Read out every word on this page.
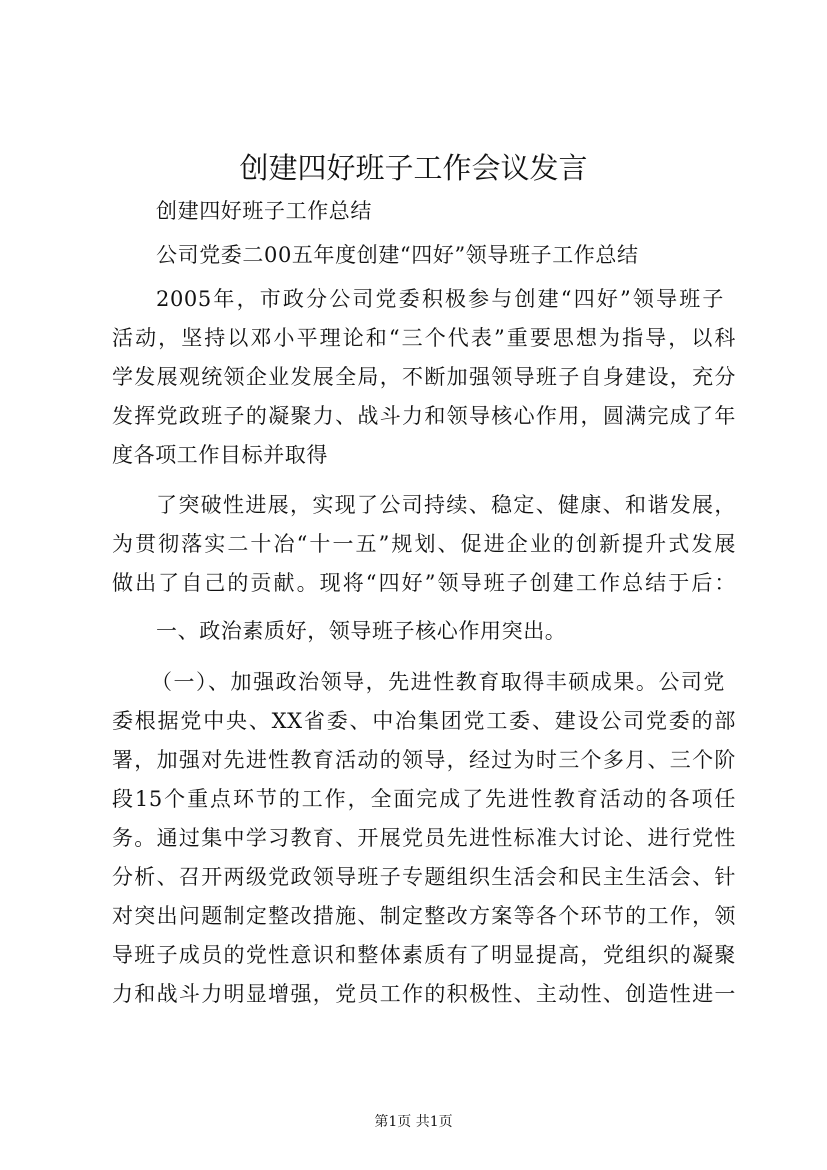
创建四好班子工作会议发言

创建四好班子工作总结

公司党委二00五年度创建“四好”领导班子工作总结

2005年，市政分公司党委积极参与创建“四好”领导班子

活动，坚持以邓小平理论和“三个代表”重要思想为指导，以科

学发展观统领企业发展全局，不断加强领导班子自身建设，充分

发挥党政班子的凝聚力、战斗力和领导核心作用，圆满完成了年

度各项工作目标并取得

了突破性进展，实现了公司持续、稳定、健康、和谐发展，

为贯彻落实二十冶“十一五”规划、促进企业的创新提升式发展

做出了自己的贡献。现将“四好”领导班子创建工作总结于后：

一、政治素质好，领导班子核心作用突出。

（一）、加强政治领导，先进性教育取得丰硕成果。公司党

委根据党中央、XX省委、中冶集团党工委、建设公司党委的部

署，加强对先进性教育活动的领导，经过为时三个多月、三个阶

段15个重点环节的工作，全面完成了先进性教育活动的各项任

务。通过集中学习教育、开展党员先进性标准大讨论、进行党性

分析、召开两级党政领导班子专题组织生活会和民主生活会、针

对突出问题制定整改措施、制定整改方案等各个环节的工作，领

导班子成员的党性意识和整体素质有了明显提高，党组织的凝聚

力和战斗力明显增强，党员工作的积极性、主动性、创造性进一

第1页 共1页
